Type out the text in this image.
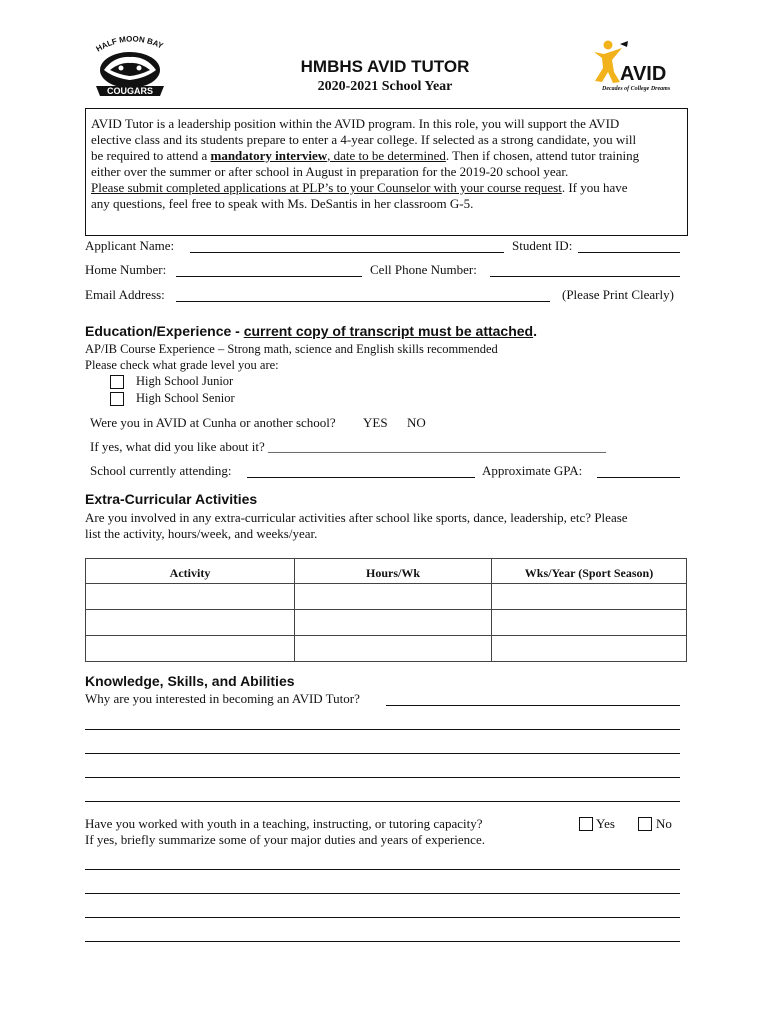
HALF MOON BAY
COUGARS
HMBHS AVID TUTOR
2020-2021 School Year
AVID
Decades of College Dreams
AVID Tutor is a leadership position within the AVID program. In this role, you will support the AVID
elective class and its students prepare to enter a 4-year college. If selected as a strong candidate, you will
be required to attend a mandatory interview, date to be determined. Then if chosen, attend tutor training
either over the summer or after school in August in preparation for the 2019-20 school year.
Please submit completed applications at PLP’s to your Counselor with your course request. If you have
any questions, feel free to speak with Ms. DeSantis in her classroom G-5.
Applicant Name:	Student ID:
Home Number:	Cell Phone Number:
Email Address:	(Please Print Clearly)
Education/Experience - current copy of transcript must be attached.
AP/IB Course Experience – Strong math, science and English skills recommended
Please check what grade level you are:
High School Junior
High School Senior
Were you in AVID at Cunha or another school? YES NO
If yes, what did you like about it? ____________________________________________________
School currently attending:	Approximate GPA:
Extra-Curricular Activities
Are you involved in any extra-curricular activities after school like sports, dance, leadership, etc? Please
list the activity, hours/week, and weeks/year.
Activity	Hours/Wk	Wks/Year (Sport Season)

Knowledge, Skills, and Abilities
Why are you interested in becoming an AVID Tutor?
Have you worked with youth in a teaching, instructing, or tutoring capacity?	Yes	No
If yes, briefly summarize some of your major duties and years of experience.
